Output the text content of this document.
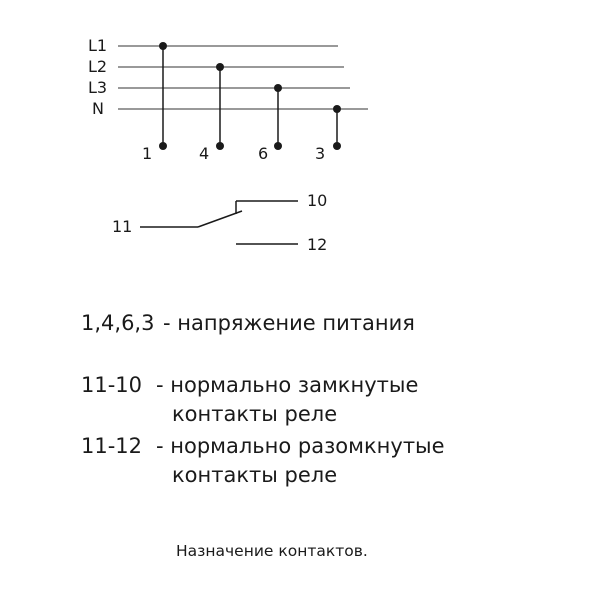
L1
L2
L3
N
1	4	6	3
11
10
12
1,4,6,3 - напряжение питания
11-10 - нормально замкнутые
контакты реле
11-12 - нормально разомкнутые
контакты реле
Назначение контактов.
